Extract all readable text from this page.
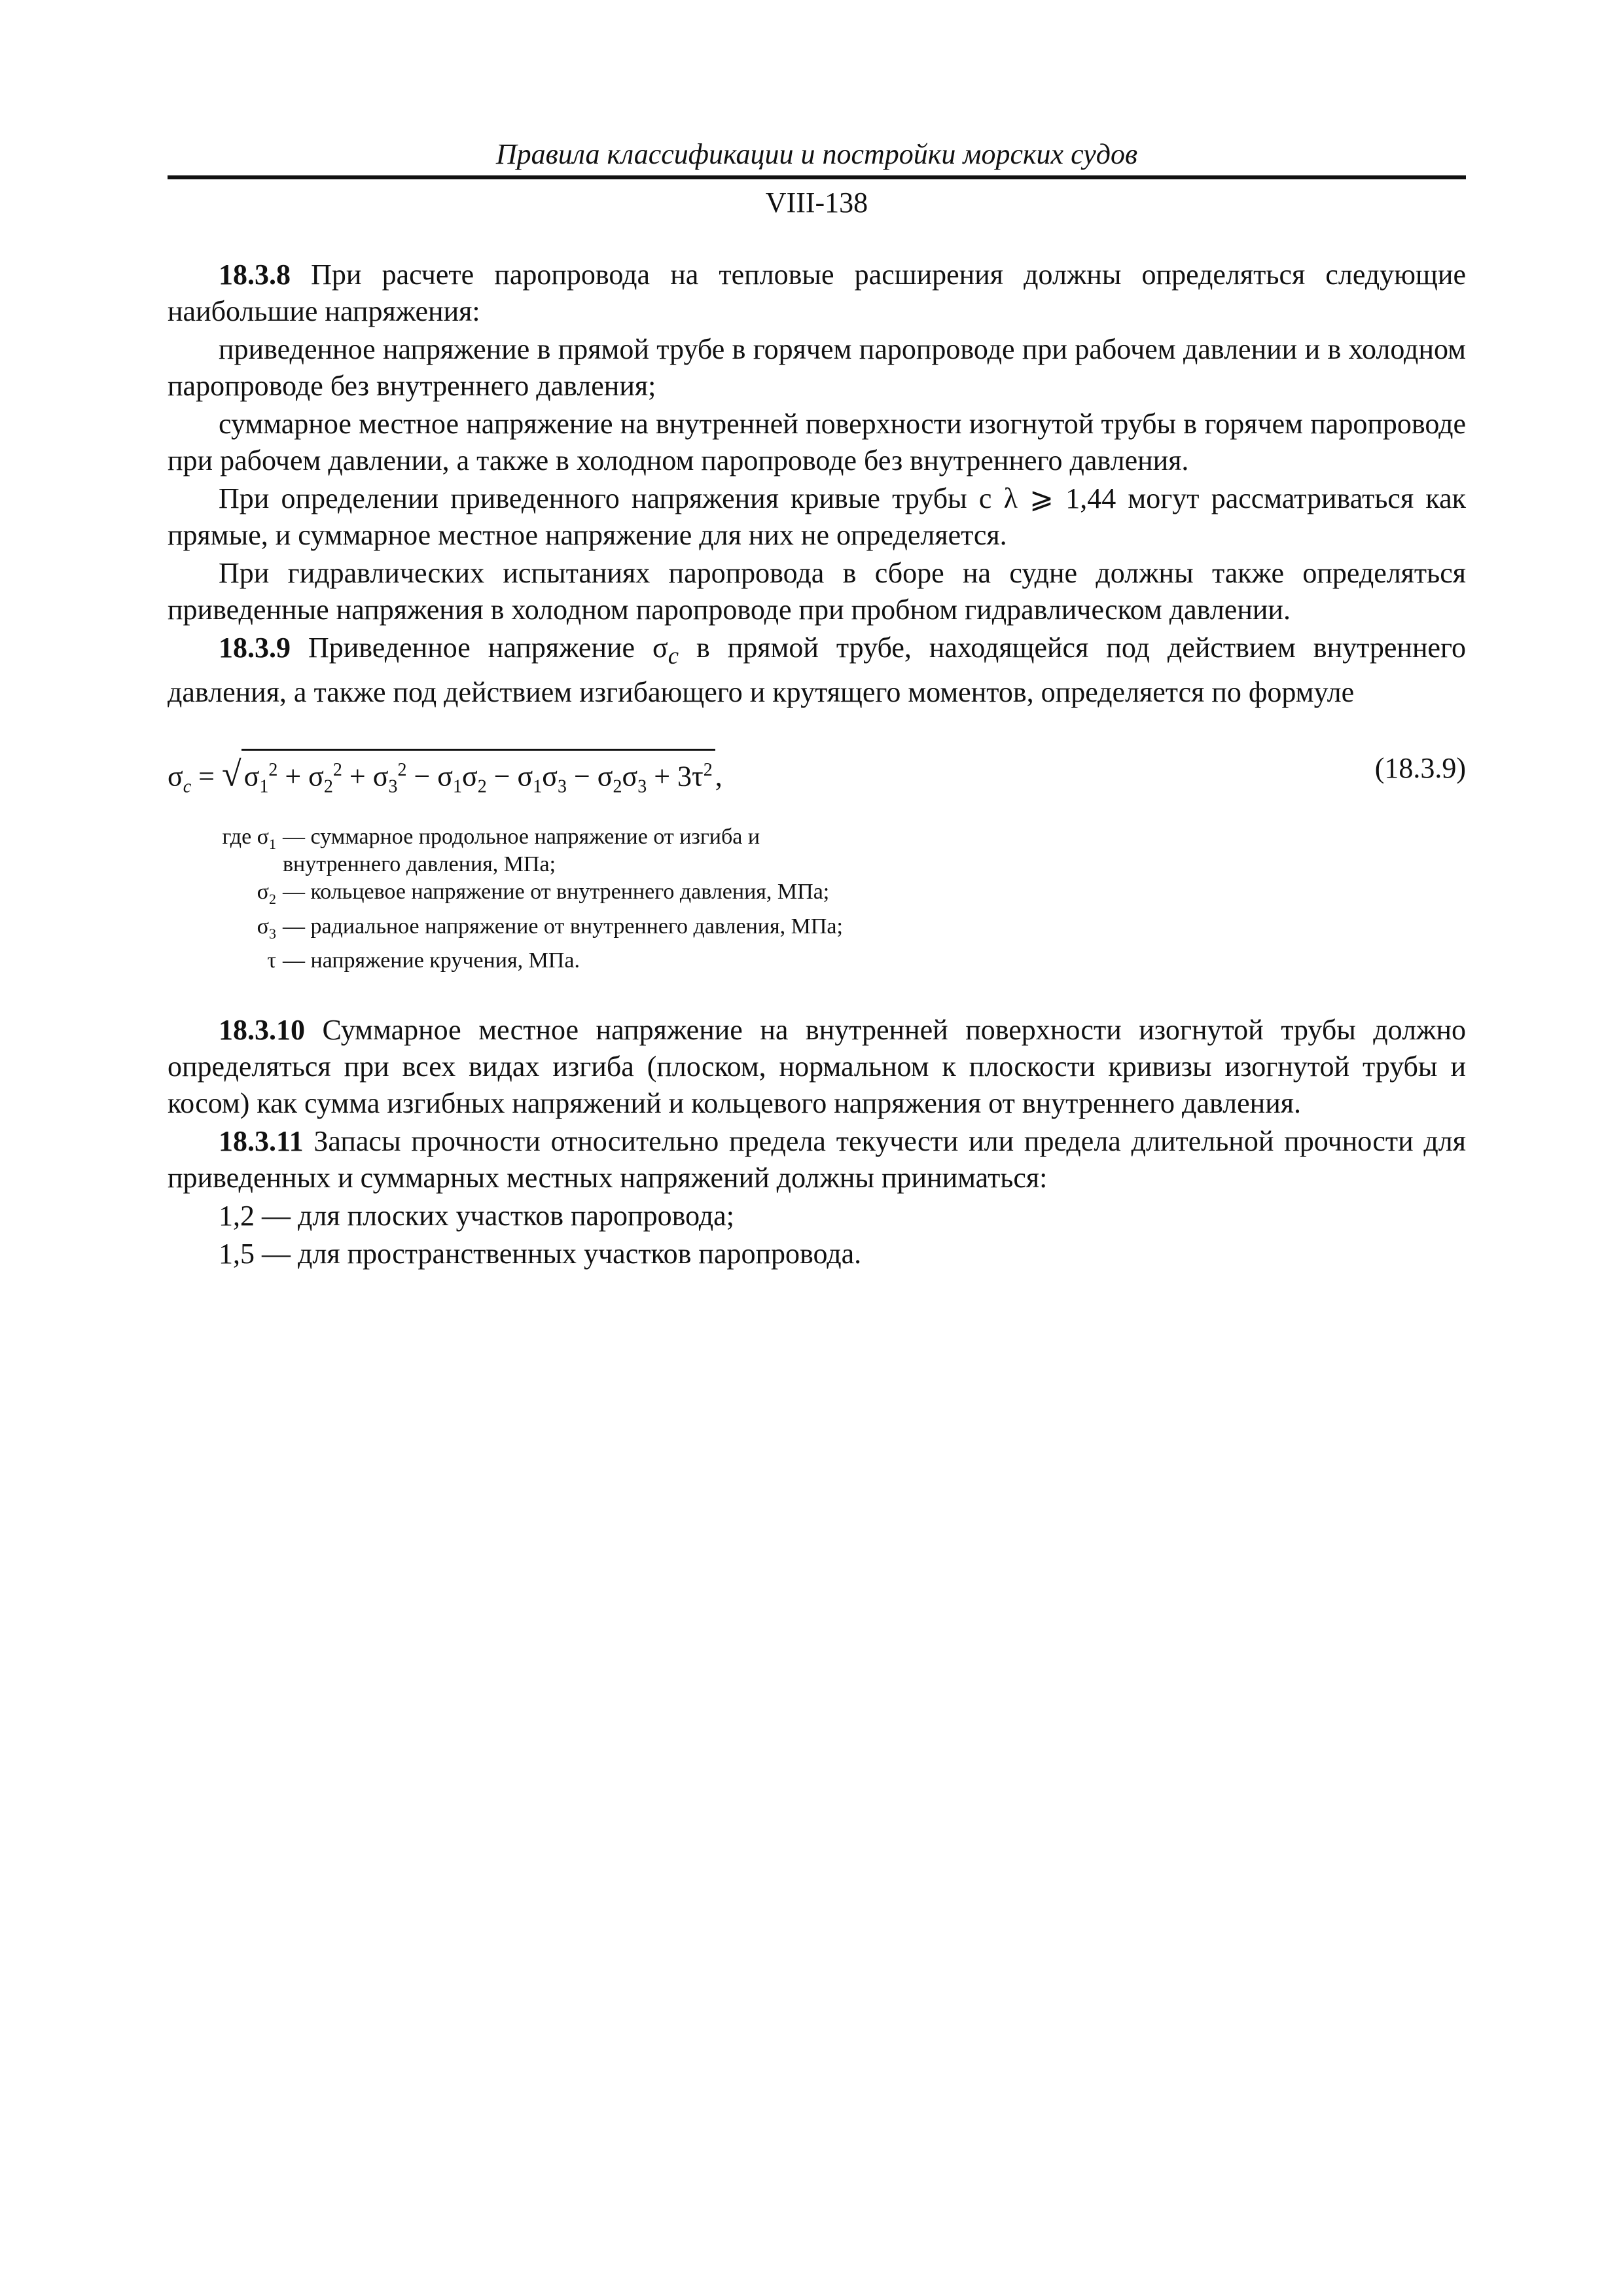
Правила классификации и постройки морских судов
VIII-138

18.3.8 При расчете паропровода на тепловые расширения должны определяться следующие наибольшие напряжения:

приведенное напряжение в прямой трубе в горячем паропроводе при рабочем давлении и в холодном паропроводе без внутреннего давления;

суммарное местное напряжение на внутренней поверхности изогнутой трубы в горячем паропроводе при рабочем давлении, а также в холодном паропроводе без внутреннего давления.

При определении приведенного напряжения кривые трубы с λ ⩾ 1,44 могут рассматриваться как прямые, и суммарное местное напряжение для них не определяется.

При гидравлических испытаниях паропровода в сборе на судне должны также определяться приведенные напряжения в холодном паропроводе при пробном гидравлическом давлении.

18.3.9 Приведенное напряжение $\sigma_c$ в прямой трубе, находящейся под действием внутреннего давления, а также под действием изгибающего и крутящего моментов, определяется по формуле

$\sigma_c = √\sigma_1^2 + \sigma_2^2 + \sigma_3^2 - \sigma_1\sigma_2 - \sigma_1\sigma_3 - \sigma_2\sigma_3 + 3\tau^2$,	(18.3.9)
где $\sigma_1$ — суммарное продольное напряжение от изгиба и внутреннего давления, МПа;
$\sigma_2$ — кольцевое напряжение от внутреннего давления, МПа;
$\sigma_3$ — радиальное напряжение от внутреннего давления, МПа;
τ — напряжение кручения, МПа.

18.3.10 Суммарное местное напряжение на внутренней поверхности изогнутой трубы должно определяться при всех видах изгиба (плоском, нормальном к плоскости кривизы изогнутой трубы и косом) как сумма изгибных напряжений и кольцевого напряжения от внутреннего давления.

18.3.11 Запасы прочности относительно предела текучести или предела длительной прочности для приведенных и суммарных местных напряжений должны приниматься:

1,2 — для плоских участков паропровода;

1,5 — для пространственных участков паропровода.
